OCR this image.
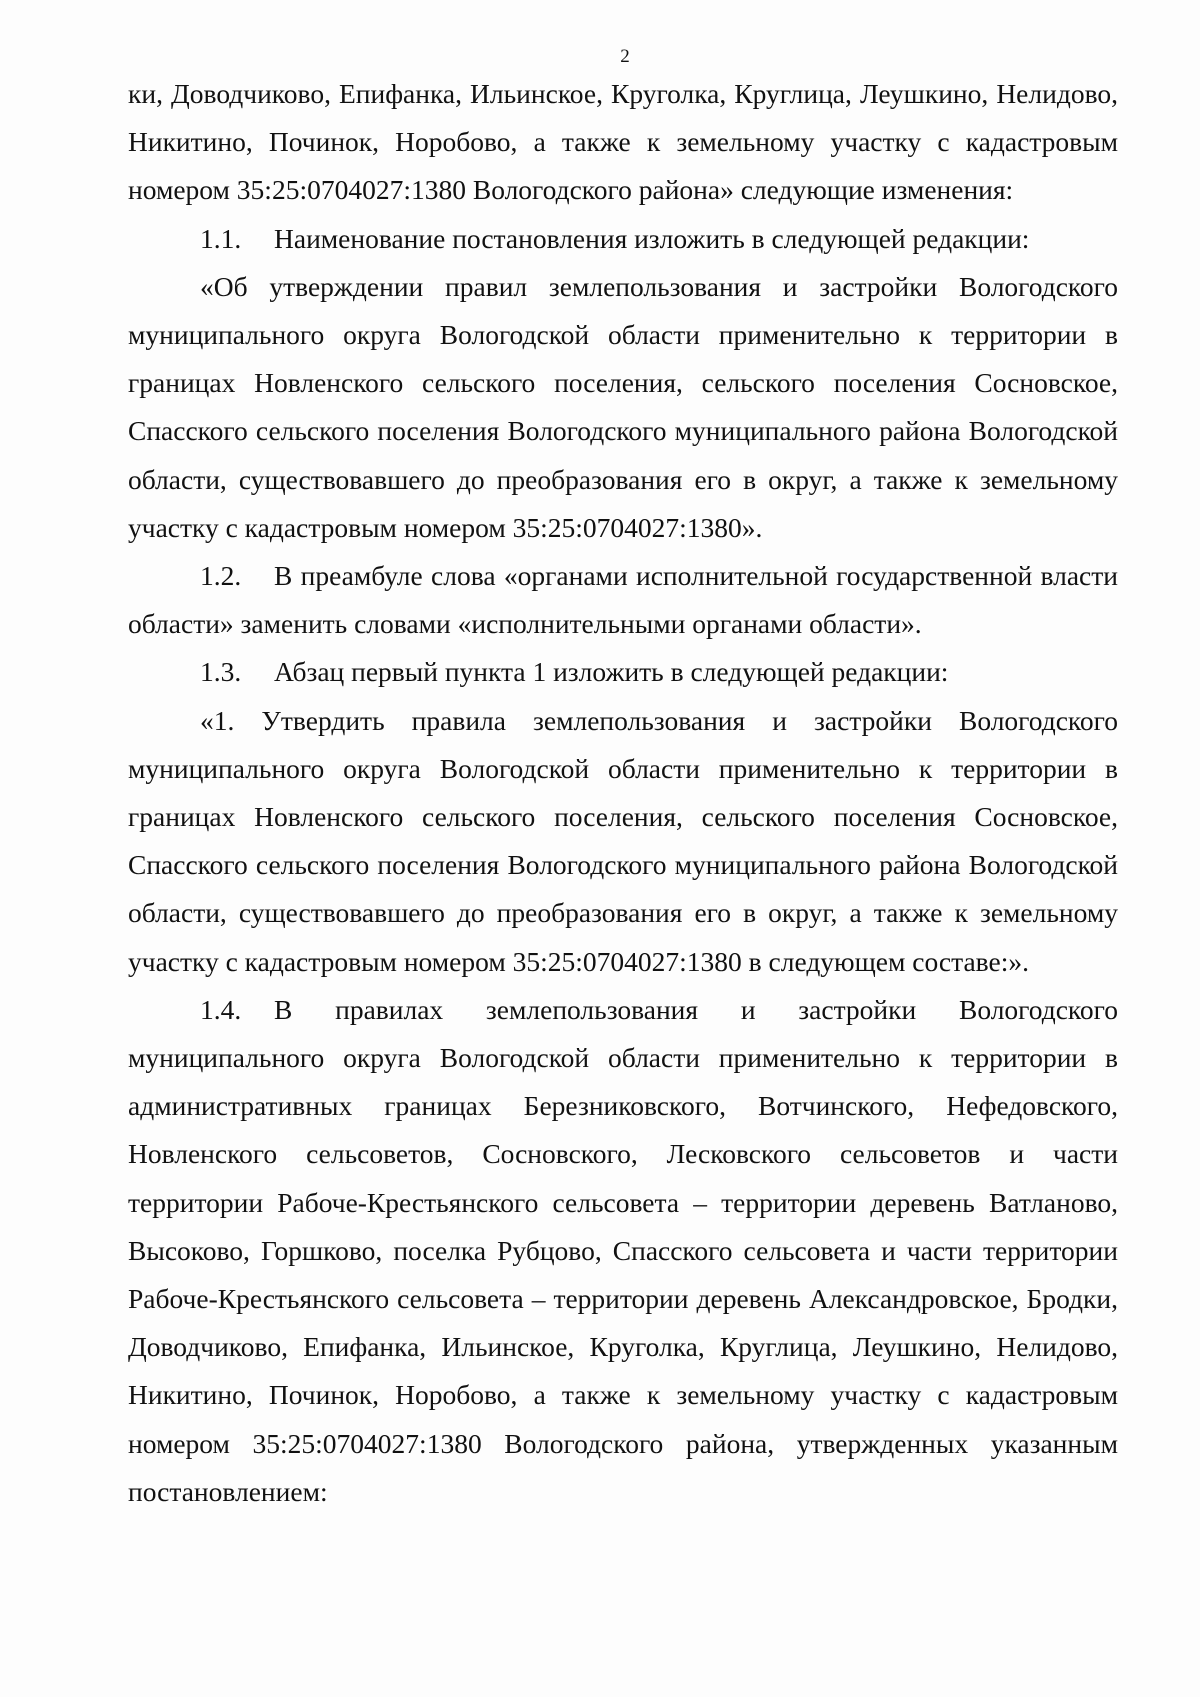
2

ки, Доводчиково, Епифанка, Ильинское, Круголка, Круглица, Леушкино, Нелидово, Никитино, Починок, Норобово, а также к земельному участку с кадастровым номером 35:25:0704027:1380 Вологодского района» следующие изменения:

1.1. Наименование постановления изложить в следующей редакции:

«Об утверждении правил землепользования и застройки Вологодского муниципального округа Вологодской области применительно к территории в границах Новленского сельского поселения, сельского поселения Сосновское, Спасского сельского поселения Вологодского муниципального района Вологодской области, существовавшего до преобразования его в округ, а также к земельному участку с кадастровым номером 35:25:0704027:1380».

1.2. В преамбуле слова «органами исполнительной государственной власти области» заменить словами «исполнительными органами области».

1.3. Абзац первый пункта 1 изложить в следующей редакции:

«1. Утвердить правила землепользования и застройки Вологодского муниципального округа Вологодской области применительно к территории в границах Новленского сельского поселения, сельского поселения Сосновское, Спасского сельского поселения Вологодского муниципального района Вологодской области, существовавшего до преобразования его в округ, а также к земельному участку с кадастровым номером 35:25:0704027:1380 в следующем составе:».

1.4. В правилах землепользования и застройки Вологодского муниципального округа Вологодской области применительно к территории в административных границах Березниковского, Вотчинского, Нефедовского, Новленского сельсоветов, Сосновского, Лесковского сельсоветов и части территории Рабоче-Крестьянского сельсовета – территории деревень Ватланово, Высоково, Горшково, поселка Рубцово, Спасского сельсовета и части территории Рабоче-Крестьянского сельсовета – территории деревень Александровское, Бродки, Доводчиково, Епифанка, Ильинское, Круголка, Круглица, Леушкино, Нелидово, Никитино, Починок, Норобово, а также к земельному участку с кадастровым номером 35:25:0704027:1380 Вологодского района, утвержденных указанным постановлением:
